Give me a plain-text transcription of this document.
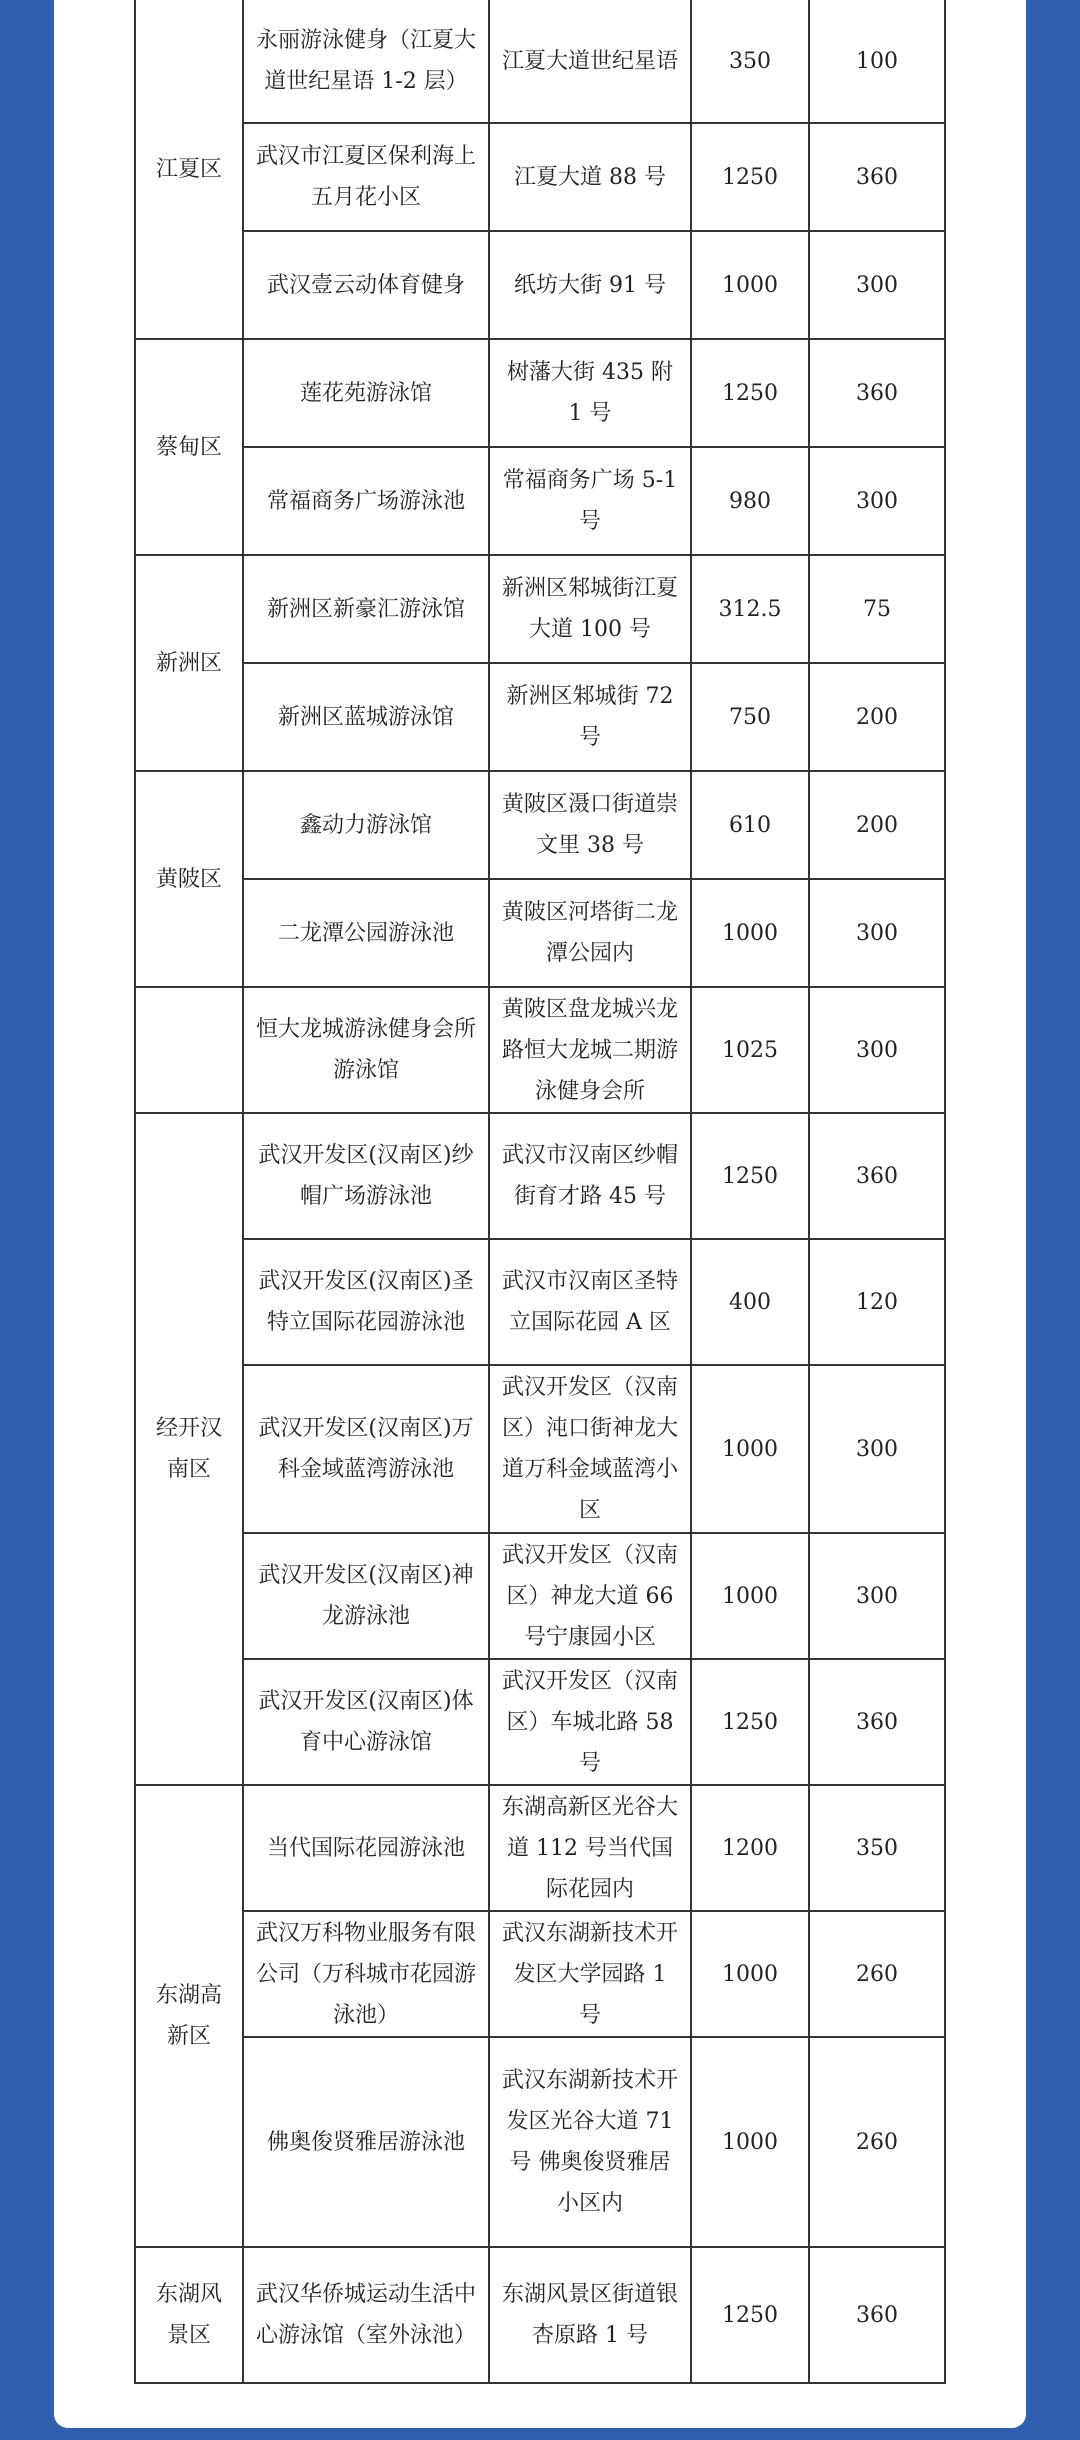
江夏区	永丽游泳健身（江夏大道世纪星语 1-2 层）	江夏大道世纪星语	350	100
	武汉市江夏区保利海上五月花小区	江夏大道 88 号	1250	360
	武汉壹云动体育健身	纸坊大街 91 号	1000	300
蔡甸区	莲花苑游泳馆	树藩大街 435 附 1 号	1250	360
	常福商务广场游泳池	常福商务广场 5-1 号	980	300
新洲区	新洲区新豪汇游泳馆	新洲区邾城街江夏大道 100 号	312.5	75
	新洲区蓝城游泳馆	新洲区邾城街 72 号	750	200
黄陂区	鑫动力游泳馆	黄陂区滠口街道崇文里 38 号	610	200
	二龙潭公园游泳池	黄陂区河塔街二龙潭公园内	1000	300
	恒大龙城游泳健身会所游泳馆	黄陂区盘龙城兴龙路恒大龙城二期游泳健身会所	1025	300
经开汉南区	武汉开发区(汉南区)纱帽广场游泳池	武汉市汉南区纱帽街育才路 45 号	1250	360
	武汉开发区(汉南区)圣特立国际花园游泳池	武汉市汉南区圣特立国际花园 A 区	400	120
	武汉开发区(汉南区)万科金域蓝湾游泳池	武汉开发区（汉南区）沌口街神龙大道万科金域蓝湾小区	1000	300
	武汉开发区(汉南区)神龙游泳池	武汉开发区（汉南区）神龙大道 66 号宁康园小区	1000	300
	武汉开发区(汉南区)体育中心游泳馆	武汉开发区（汉南区）车城北路 58 号	1250	360
东湖高新区	当代国际花园游泳池	东湖高新区光谷大道 112 号当代国际花园内	1200	350
	武汉万科物业服务有限公司（万科城市花园游泳池）	武汉东湖新技术开发区大学园路 1 号	1000	260
	佛奥俊贤雅居游泳池	武汉东湖新技术开发区光谷大道 71 号 佛奥俊贤雅居小区内	1000	260
东湖风景区	武汉华侨城运动生活中心游泳馆（室外泳池）	东湖风景区街道银杏原路 1 号	1250	360
